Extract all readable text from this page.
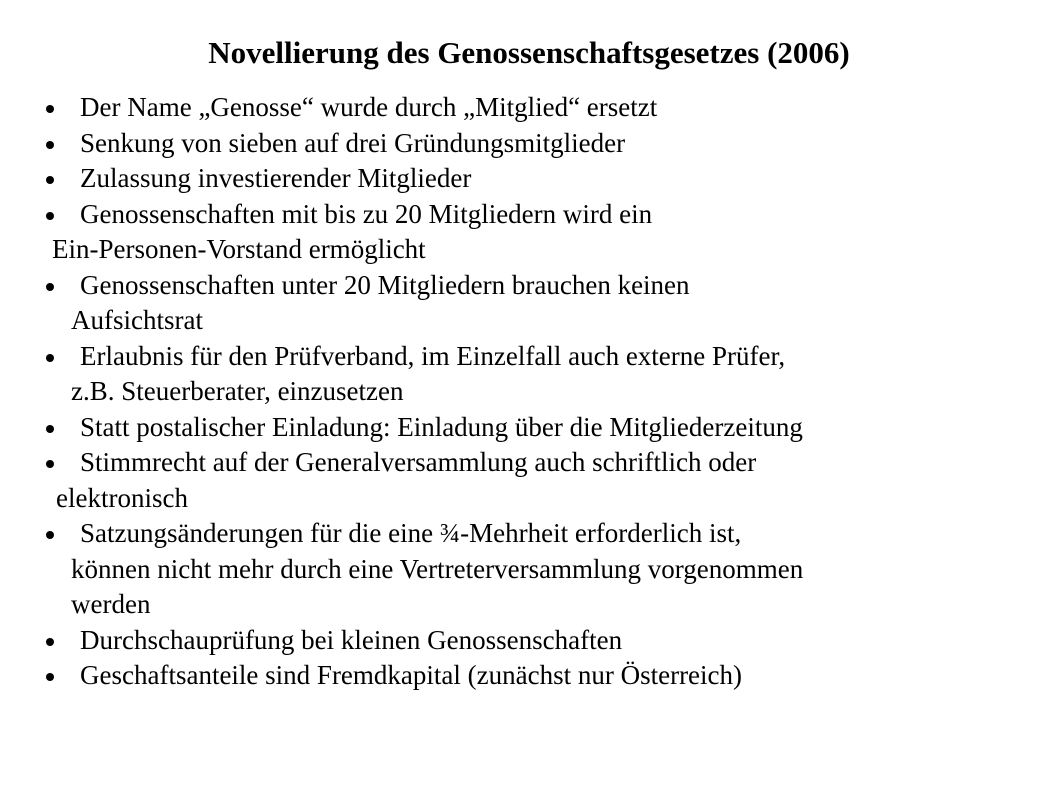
Novellierung des Genossenschaftsgesetzes (2006)
Der Name „Genosse“ wurde durch „Mitglied“ ersetzt
Senkung von sieben auf drei Gründungsmitglieder
Zulassung investierender Mitglieder
Genossenschaften mit bis zu 20 Mitgliedern wird ein
Ein-Personen-Vorstand ermöglicht
Genossenschaften unter 20 Mitgliedern brauchen keinen
Aufsichtsrat
Erlaubnis für den Prüfverband, im Einzelfall auch externe Prüfer,
z.B. Steuerberater, einzusetzen
Statt postalischer Einladung: Einladung über die Mitgliederzeitung
Stimmrecht auf der Generalversammlung auch schriftlich oder
elektronisch
Satzungsänderungen für die eine ¾-Mehrheit erforderlich ist,
können nicht mehr durch eine Vertreterversammlung vorgenommen
werden
Durchschauprüfung bei kleinen Genossenschaften
Geschaftsanteile sind Fremdkapital (zunächst nur Österreich)
